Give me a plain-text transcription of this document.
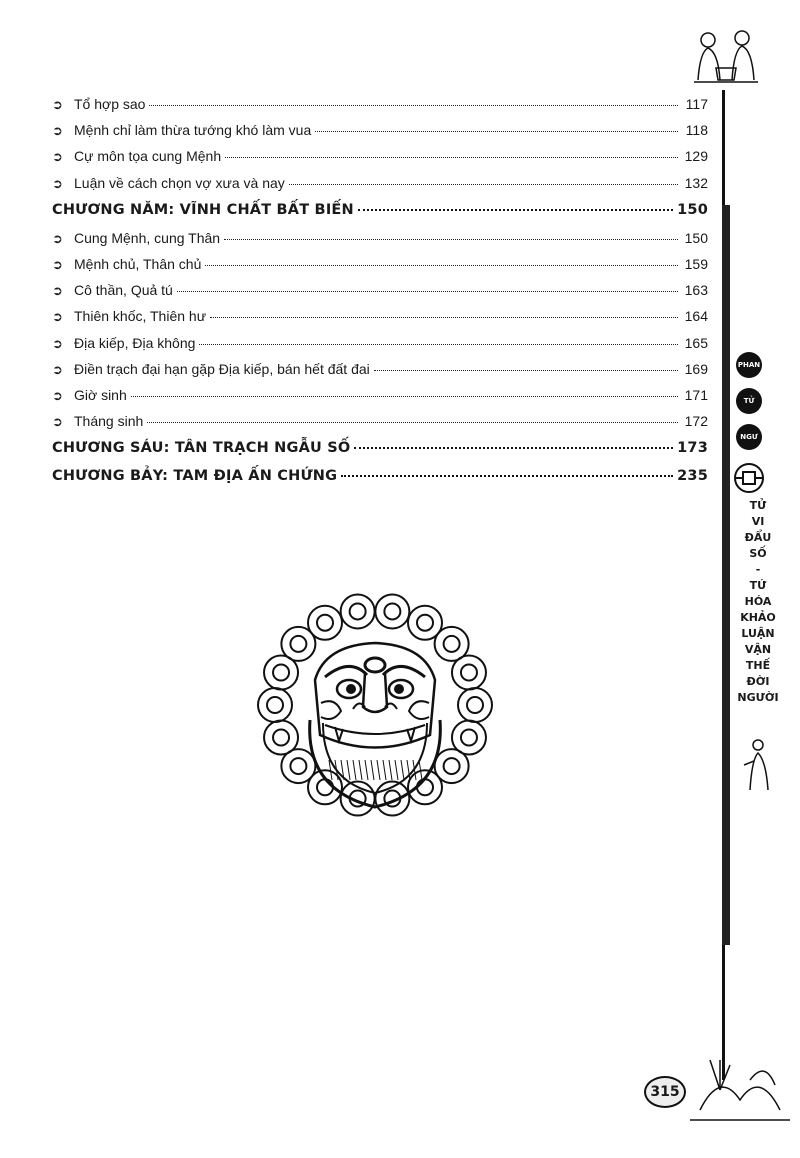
➲ Tổ hợp sao	117
➲ Mệnh chỉ làm thừa tướng khó làm vua	118
➲ Cự môn tọa cung Mệnh	129
➲ Luận về cách chọn vợ xưa và nay	132
CHƯƠNG NĂM: VĨNH CHẤT BẤT BIẾN	150
➲ Cung Mệnh, cung Thân	150
➲ Mệnh chủ, Thân chủ	159
➲ Cô thần, Quả tú	163
➲ Thiên khốc, Thiên hư	164
➲ Địa kiếp, Địa không	165
➲ Điền trạch đại hạn gặp Địa kiếp, bán hết đất đai	169
➲ Giờ sinh	171
➲ Tháng sinh	172
CHƯƠNG SÁU: TÂN TRẠCH NGẪU SỐ	173
CHƯƠNG BẢY: TAM ĐỊA ẤN CHỨNG	235
PHAN
TỬ
NGƯ
TỬ
VI
ĐẨU
SỐ
-
TỨ
HÓA
KHẢO
LUẬN
VẬN
THẾ
ĐỜI
NGƯỜI
315
